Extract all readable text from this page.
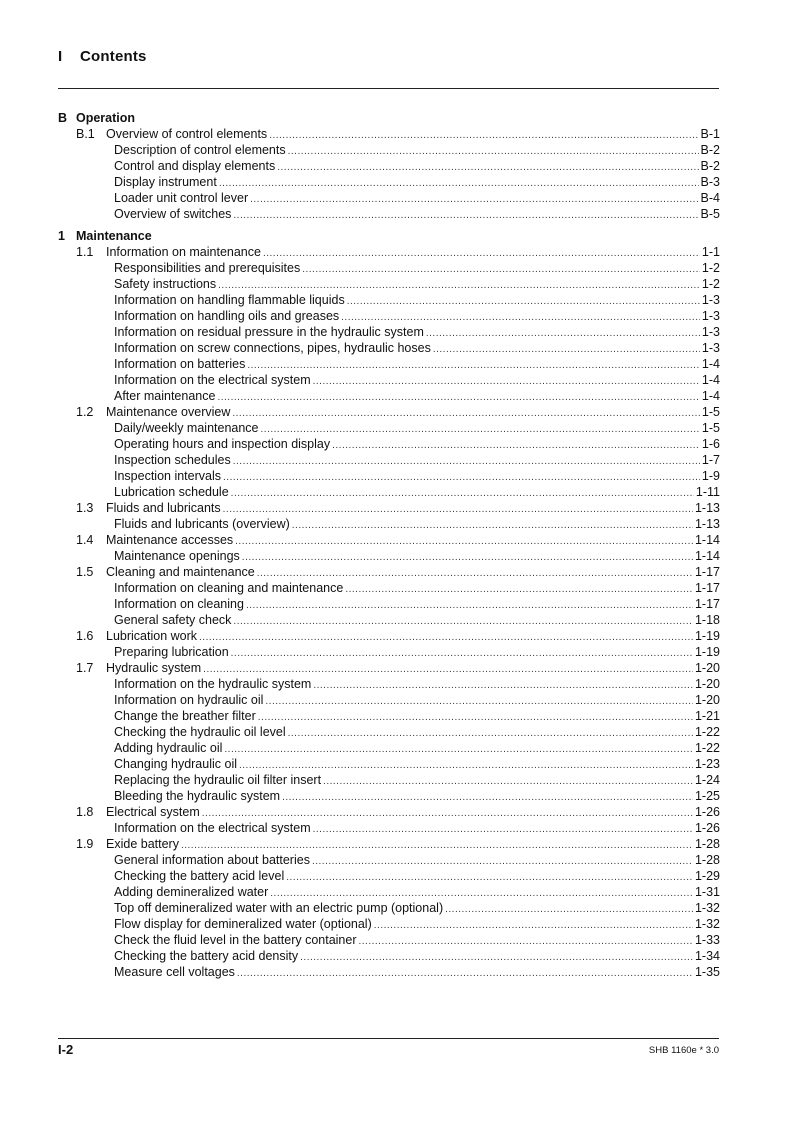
I Contents
B Operation
B.1 Overview of control elements .....	B-1
Description of control elements .....	B-2
Control and display elements .....	B-2
Display instrument .....	B-3
Loader unit control lever .....	B-4
Overview of switches .....	B-5
1 Maintenance
1.1	Information on maintenance .....	1-1
Responsibilities and prerequisites .....	1-2
Safety instructions .....	1-2
Information on handling flammable liquids .....	1-3
Information on handling oils and greases .....	1-3
Information on residual pressure in the hydraulic system .....	1-3
Information on screw connections, pipes, hydraulic hoses .....	1-3
Information on batteries .....	1-4
Information on the electrical system .....	1-4
After maintenance .....	1-4
1.2	Maintenance overview .....	1-5
Daily/weekly maintenance .....	1-5
Operating hours and inspection display .....	1-6
Inspection schedules .....	1-7
Inspection intervals .....	1-9
Lubrication schedule .....	1-11
1.3	Fluids and lubricants .....	1-13
Fluids and lubricants (overview) .....	1-13
1.4	Maintenance accesses .....	1-14
Maintenance openings .....	1-14
1.5	Cleaning and maintenance .....	1-17
Information on cleaning and maintenance .....	1-17
Information on cleaning .....	1-17
General safety check .....	1-18
1.6	Lubrication work .....	1-19
Preparing lubrication .....	1-19
1.7	Hydraulic system .....	1-20
Information on the hydraulic system .....	1-20
Information on hydraulic oil .....	1-20
Change the breather filter .....	1-21
Checking the hydraulic oil level .....	1-22
Adding hydraulic oil .....	1-22
Changing hydraulic oil .....	1-23
Replacing the hydraulic oil filter insert .....	1-24
Bleeding the hydraulic system .....	1-25
1.8	Electrical system .....	1-26
Information on the electrical system .....	1-26
1.9	Exide battery .....	1-28
General information about batteries .....	1-28
Checking the battery acid level .....	1-29
Adding demineralized water .....	1-31
Top off demineralized water with an electric pump (optional) .....	1-32
Flow display for demineralized water (optional) .....	1-32
Check the fluid level in the battery container .....	1-33
Checking the battery acid density .....	1-34
Measure cell voltages .....	1-35
I-2	SHB 1160e * 3.0
